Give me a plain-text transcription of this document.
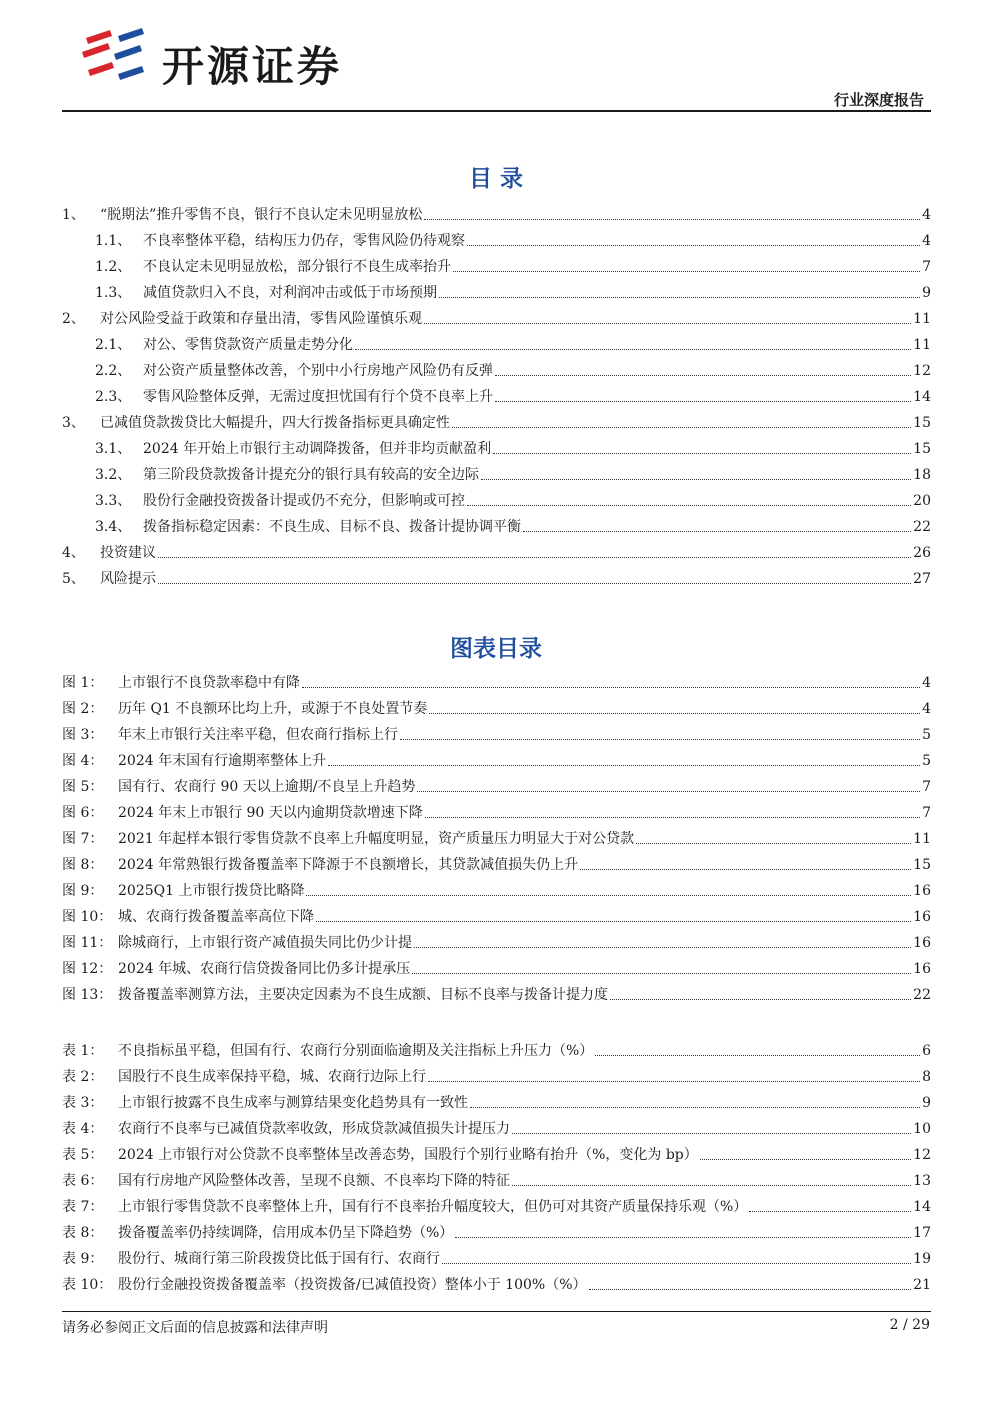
开源证券
行业深度报告
目 录
1、	“脱期法”推升零售不良，银行不良认定未见明显放松	4
1.1、 不良率整体平稳，结构压力仍存，零售风险仍待观察	4
1.2、 不良认定未见明显放松，部分银行不良生成率抬升	7
1.3、 减值贷款归入不良，对利润冲击或低于市场预期	9
2、	对公风险受益于政策和存量出清，零售风险谨慎乐观	11
2.1、 对公、零售贷款资产质量走势分化	11
2.2、 对公资产质量整体改善，个别中小行房地产风险仍有反弹	12
2.3、 零售风险整体反弹，无需过度担忧国有行个贷不良率上升	14
3、	已减值贷款拨贷比大幅提升，四大行拨备指标更具确定性	15
3.1、 2024 年开始上市银行主动调降拨备，但并非均贡献盈利	15
3.2、 第三阶段贷款拨备计提充分的银行具有较高的安全边际	18
3.3、 股份行金融投资拨备计提或仍不充分，但影响或可控	20
3.4、 拨备指标稳定因素：不良生成、目标不良、拨备计提协调平衡	22
4、	投资建议	26
5、	风险提示	27
图表目录
图 1：	上市银行不良贷款率稳中有降	4
图 2：	历年 Q1 不良额环比均上升，或源于不良处置节奏	4
图 3：	年末上市银行关注率平稳，但农商行指标上行	5
图 4：	2024 年末国有行逾期率整体上升	5
图 5：	国有行、农商行 90 天以上逾期/不良呈上升趋势	7
图 6：	2024 年末上市银行 90 天以内逾期贷款增速下降	7
图 7：	2021 年起样本银行零售贷款不良率上升幅度明显，资产质量压力明显大于对公贷款	11
图 8：	2024 年常熟银行拨备覆盖率下降源于不良额增长，其贷款减值损失仍上升	15
图 9：	2025Q1 上市银行拨贷比略降	16
图 10： 城、农商行拨备覆盖率高位下降	16
图 11： 除城商行，上市银行资产减值损失同比仍少计提	16
图 12： 2024 年城、农商行信贷拨备同比仍多计提承压	16
图 13： 拨备覆盖率测算方法，主要决定因素为不良生成额、目标不良率与拨备计提力度	22
表 1：	不良指标虽平稳，但国有行、农商行分别面临逾期及关注指标上升压力（%）	6
表 2：	国股行不良生成率保持平稳，城、农商行边际上行	8
表 3：	上市银行披露不良生成率与测算结果变化趋势具有一致性	9
表 4：	农商行不良率与已减值贷款率收敛，形成贷款减值损失计提压力	10
表 5：	2024 上市银行对公贷款不良率整体呈改善态势，国股行个别行业略有抬升（%，变化为 bp）	12
表 6：	国有行房地产风险整体改善，呈现不良额、不良率均下降的特征	13
表 7：	上市银行零售贷款不良率整体上升，国有行不良率抬升幅度较大，但仍可对其资产质量保持乐观（%）	14
表 8：	拨备覆盖率仍持续调降，信用成本仍呈下降趋势（%）	17
表 9：	股份行、城商行第三阶段拨贷比低于国有行、农商行	19
表 10： 股份行金融投资拨备覆盖率（投资拨备/已减值投资）整体小于 100%（%）	21
请务必参阅正文后面的信息披露和法律声明	2 / 29
